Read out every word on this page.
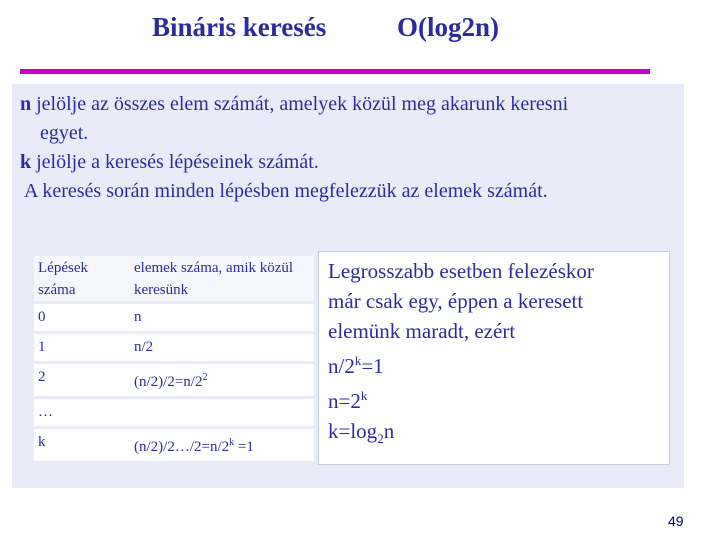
Bináris keresés	O(log2n)
n jelölje az összes elem számát, amelyek közül meg akarunk keresni
egyet.
k jelölje a keresés lépéseinek számát.
A keresés során minden lépésben megfelezzük az elemek számát.
Lépések száma	elemek száma, amik közül keresünk
0	n
1	n/2
2	$(n/2)/2=n/2^2$
…	
k	$(n/2)/2\dots/2=n/2^k =1$
Legrosszabb esetben felezéskor
már csak egy, éppen a keresett
elemünk maradt, ezért
$n/2^k=1$
$n=2^k$
$k=\log_2n$
49
